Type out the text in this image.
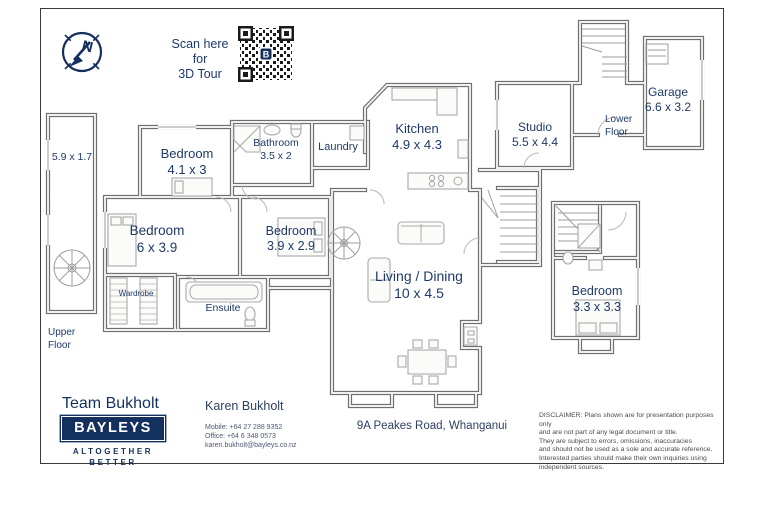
N	B
Scan here
for
3D Tour
5.9 x 1.7
Upper
Floor
Bedroom
4.1 x 3
Bathroom
3.5 x 2
Laundry
Kitchen
4.9 x 4.3
Bedroom
6 x 3.9
Bedroom
3.9 x 2.9
Wardrobe
Ensuite
Living / Dining
10 x 4.5
Studio
5.5 x 4.4
Lower
Floor
Garage
6.6 x 3.2
Bedroom
3.3 x 3.3
Team Bukholt
BAYLEYS
ALTOGETHER
BETTER
Karen Bukholt
Mobile: +64 27 288 9352
Office: +64 6 348 0573
karen.bukholt@bayleys.co.nz
9A Peakes Road, Whanganui
DISCLAIMER: Plans shown are for presentation purposes only
and are not part of any legal document or title.
They are subject to errors, omissions, inaccuracies
and should not be used as a sole and accurate reference.
Interested parties should make their own inquiries using
independent sources.
